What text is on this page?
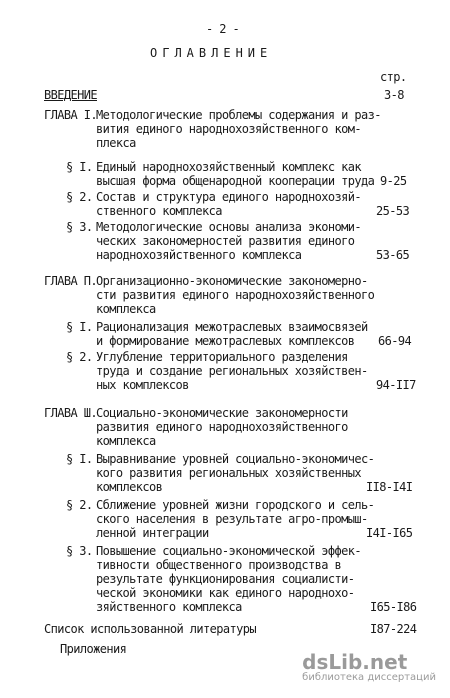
- 2 -
ОГЛАВЛЕНИЕ
стр.
ВВЕДЕНИЕ	3-8
ГЛАВА I. Методологические проблемы содержания и раз-
вития единого народнохозяйственного ком-
плекса
§ I. Единый народнохозяйственный комплекс как
высшая форма общенародной кооперации труда 9-25
§ 2. Состав и структура единого народнохозяй-
ственного комплекса	25-53
§ 3. Методологические основы анализа экономи-
ческих закономерностей развития единого
народнохозяйственного комплекса	53-65
ГЛАВА П. Организационно-экономические закономерно-
сти развития единого народнохозяйственного
комплекса
§ I. Рационализация межотраслевых взаимосвязей
и формирование межотраслевых комплексов 66-94
§ 2. Углубление территориального разделения
труда и создание региональных хозяйствен-
ных комплексов	94-II7
ГЛАВА Ш. Социально-экономические закономерности
развития единого народнохозяйственного
комплекса
§ I. Выравнивание уровней социально-экономичес-
кого развития региональных хозяйственных
комплексов	II8-I4I
§ 2. Сближение уровней жизни городского и сель-
ского населения в результате агро-промыш-
ленной интеграции	I4I-I65
§ 3. Повышение социально-экономической эффек-
тивности общественного производства в
результате функционирования социалисти-
ческой экономики как единого народнохо-
зяйственного комплекса	I65-I86
Список использованной литературы	I87-224
Приложения
dsLib.net
библиотека диссертаций
